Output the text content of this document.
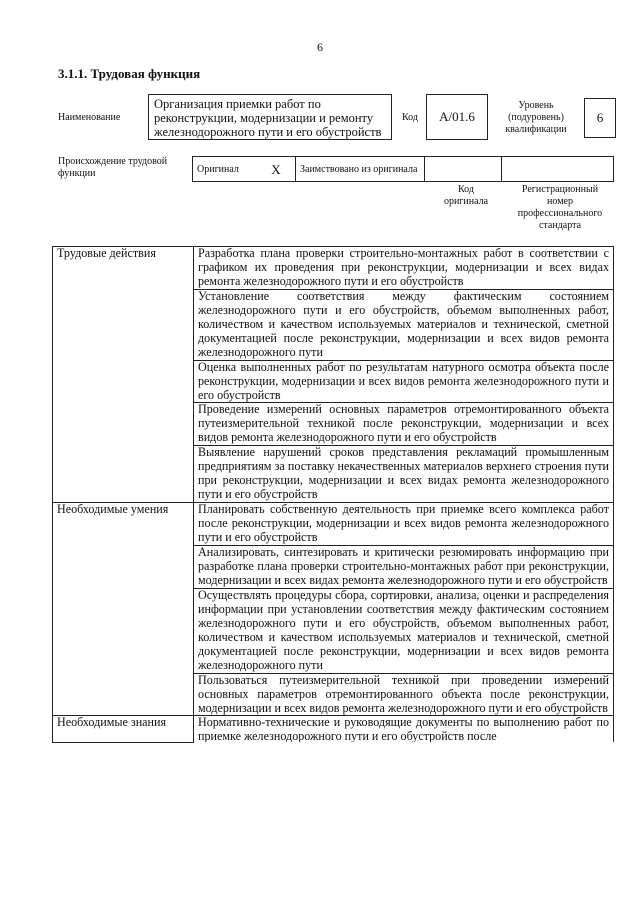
6
3.1.1. Трудовая функция
Наименование
Организация приемки работ по реконструкции, модернизации и ремонту железнодорожного пути и его обустройств
Код	А/01.6
Уровень (подуровень) квалификации
6
Происхождение трудовой функции	Оригинал	X	Заимствовано из оригинала		
Код оригинала
Регистрационный номер профессионального стандарта
Трудовые действия	Разработка плана проверки строительно-монтажных работ в соответствии с графиком их проведения при реконструкции, модернизации и всех видах ремонта железнодорожного пути и его обустройств
	Установление соответствия между фактическим состоянием железнодорожного пути и его обустройств, объемом выполненных работ, количеством и качеством используемых материалов и технической, сметной документацией после реконструкции, модернизации и всех видов ремонта железнодорожного пути
	Оценка выполненных работ по результатам натурного осмотра объекта после реконструкции, модернизации и всех видов ремонта железнодорожного пути и его обустройств
	Проведение измерений основных параметров отремонтированного объекта путеизмерительной техникой после реконструкции, модернизации и всех видов ремонта железнодорожного пути и его обустройств
	Выявление нарушений сроков представления рекламаций промышленным предприятиям за поставку некачественных материалов верхнего строения пути при реконструкции, модернизации и всех видах ремонта железнодорожного пути и его обустройств
Необходимые умения	Планировать собственную деятельность при приемке всего комплекса работ после реконструкции, модернизации и всех видов ремонта железнодорожного пути и его обустройств
	Анализировать, синтезировать и критически резюмировать информацию при разработке плана проверки строительно-монтажных работ при реконструкции, модернизации и всех видах ремонта железнодорожного пути и его обустройств
	Осуществлять процедуры сбора, сортировки, анализа, оценки и распределения информации при установлении соответствия между фактическим состоянием железнодорожного пути и его обустройств, объемом выполненных работ, количеством и качеством используемых материалов и технической, сметной документацией после реконструкции, модернизации и всех видов ремонта железнодорожного пути
	Пользоваться путеизмерительной техникой при проведении измерений основных параметров отремонтированного объекта после реконструкции, модернизации и всех видов ремонта железнодорожного пути и его обустройств
Необходимые знания	Нормативно-технические и руководящие документы по выполнению работ по приемке железнодорожного пути и его обустройств после
